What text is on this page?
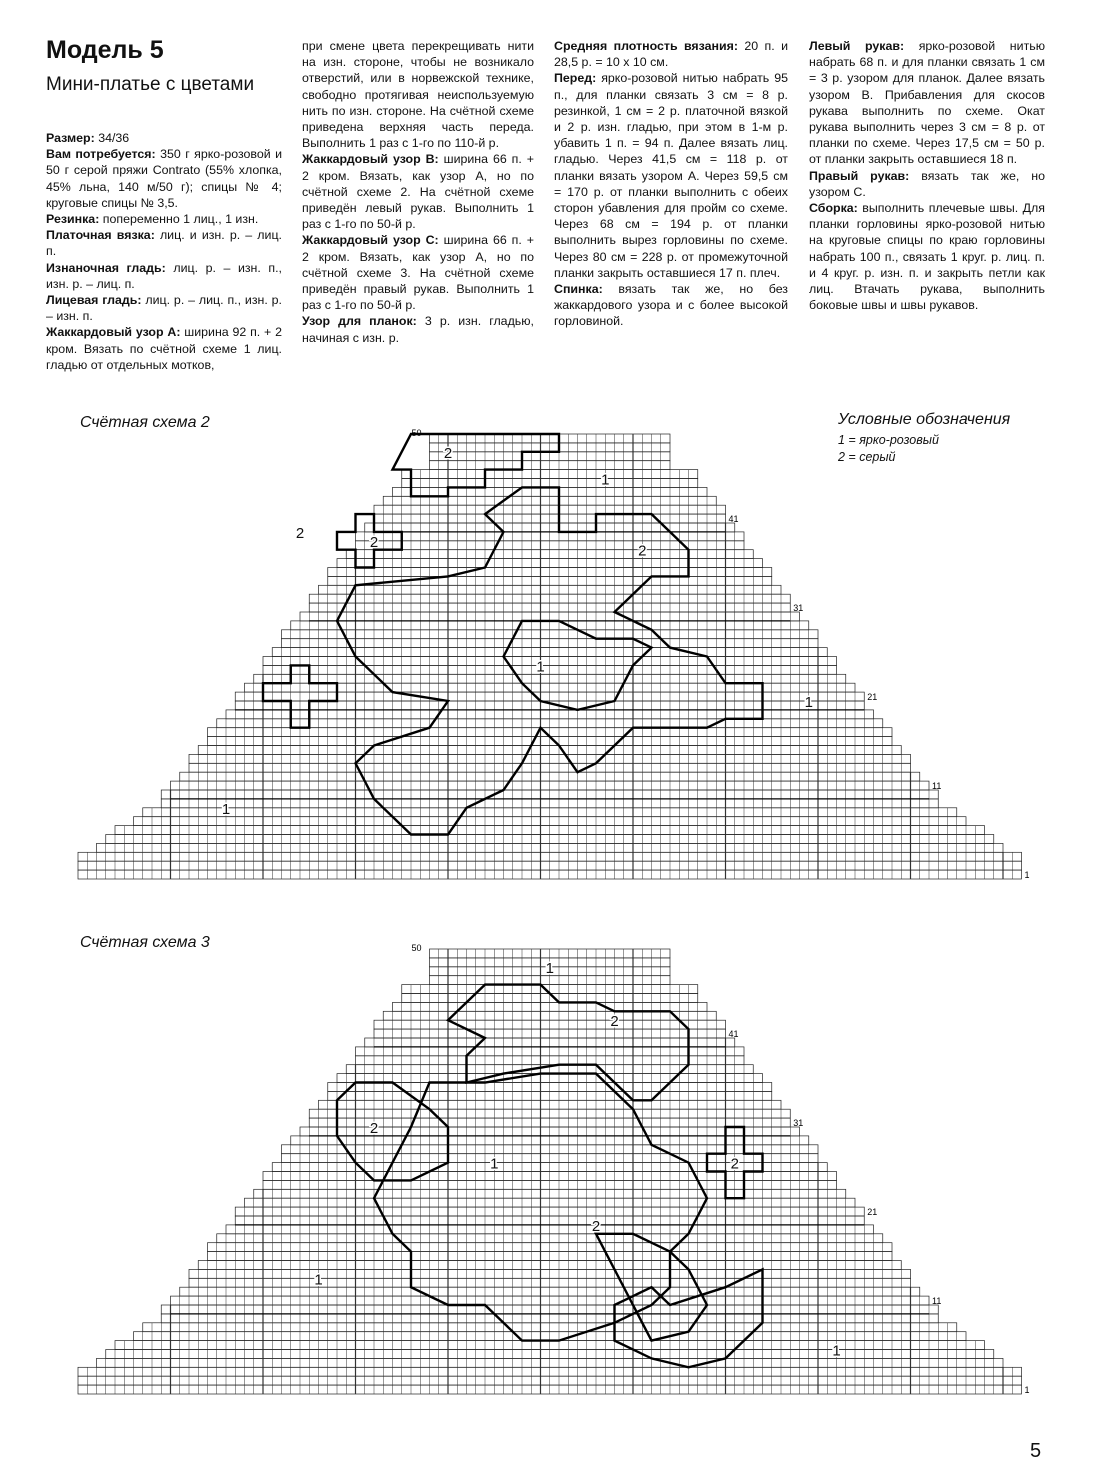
Модель 5
Мини-платье с цветами

Размер: 34/36

Вам потребуется: 350 г ярко-розовой и 50 г серой пряжи Contrato (55% хлопка, 45% льна, 140 м/50 г); спицы № 4; круговые спицы № 3,5.

Резинка: попеременно 1 лиц., 1 изн.

Платочная вязка: лиц. и изн. р. – лиц. п.

Изнаночная гладь: лиц. р. – изн. п., изн. р. – лиц. п.

Лицевая гладь: лиц. р. – лиц. п., изн. р. – изн. п.

Жаккардовый узор A: ширина 92 п. + 2 кром. Вязать по счётной схеме 1 лиц. гладью от отдельных мотков,

при смене цвета перекрещивать нити на изн. стороне, чтобы не возникало отверстий, или в норвежской технике, свободно протягивая неиспользуемую нить по изн. стороне. На счётной схеме приведена верхняя часть переда. Выполнить 1 раз с 1-го по 110-й р.

Жаккардовый узор B: ширина 66 п. + 2 кром. Вязать, как узор A, но по счётной схеме 2. На счётной схеме приведён левый рукав. Выполнить 1 раз с 1-го по 50-й р.

Жаккардовый узор C: ширина 66 п. + 2 кром. Вязать, как узор A, но по счётной схеме 3. На счётной схеме приведён правый рукав. Выполнить 1 раз с 1-го по 50-й р.

Узор для планок: 3 р. изн. гладью, начиная с изн. р.

Средняя плотность вязания: 20 п. и 28,5 р. = 10 х 10 см.

Перед: ярко-розовой нитью набрать 95 п., для планки связать 3 см = 8 р. резинкой, 1 см = 2 р. платочной вязкой и 2 р. изн. гладью, при этом в 1-м р. убавить 1 п. = 94 п. Далее вязать лиц. гладью. Через 41,5 см = 118 р. от планки вязать узором A. Через 59,5 см = 170 р. от планки выполнить с обеих сторон убавления для пройм со схеме. Через 68 см = 194 р. от планки выполнить вырез горловины по схеме. Через 80 см = 228 р. от промежуточной планки закрыть оставшиеся 17 п. плеч.

Спинка: вязать так же, но без жаккардового узора и с более высокой горловиной.

Левый рукав: ярко-розовой нитью набрать 68 п. и для планки связать 1 см = 3 р. узором для планок. Далее вязать узором B. Прибавления для скосов рукава выполнить по схеме. Окат рукава выполнить через 3 см = 8 р. от планки по схеме. Через 17,5 см = 50 р. от планки закрыть оставшиеся 18 п.

Правый рукав: вязать так же, но узором C.

Сборка: выполнить плечевые швы. Для планки горловины ярко-розовой нитью на круговые спицы по краю горловины набрать 100 п., связать 1 круг. р. лиц. п. и 4 круг. р. изн. п. и закрыть петли как лиц. Втачать рукава, выполнить боковые швы и швы рукавов.

Счётная схема 2
Счётная схема 3
Условные обозначения
1 = ярко-розовый
2 = серый
50
41
31
21
11
1
2
1
2
2
1
2
1
1
50
41
31
21
11
1
1
2
2
1	2
2
1
1
5
